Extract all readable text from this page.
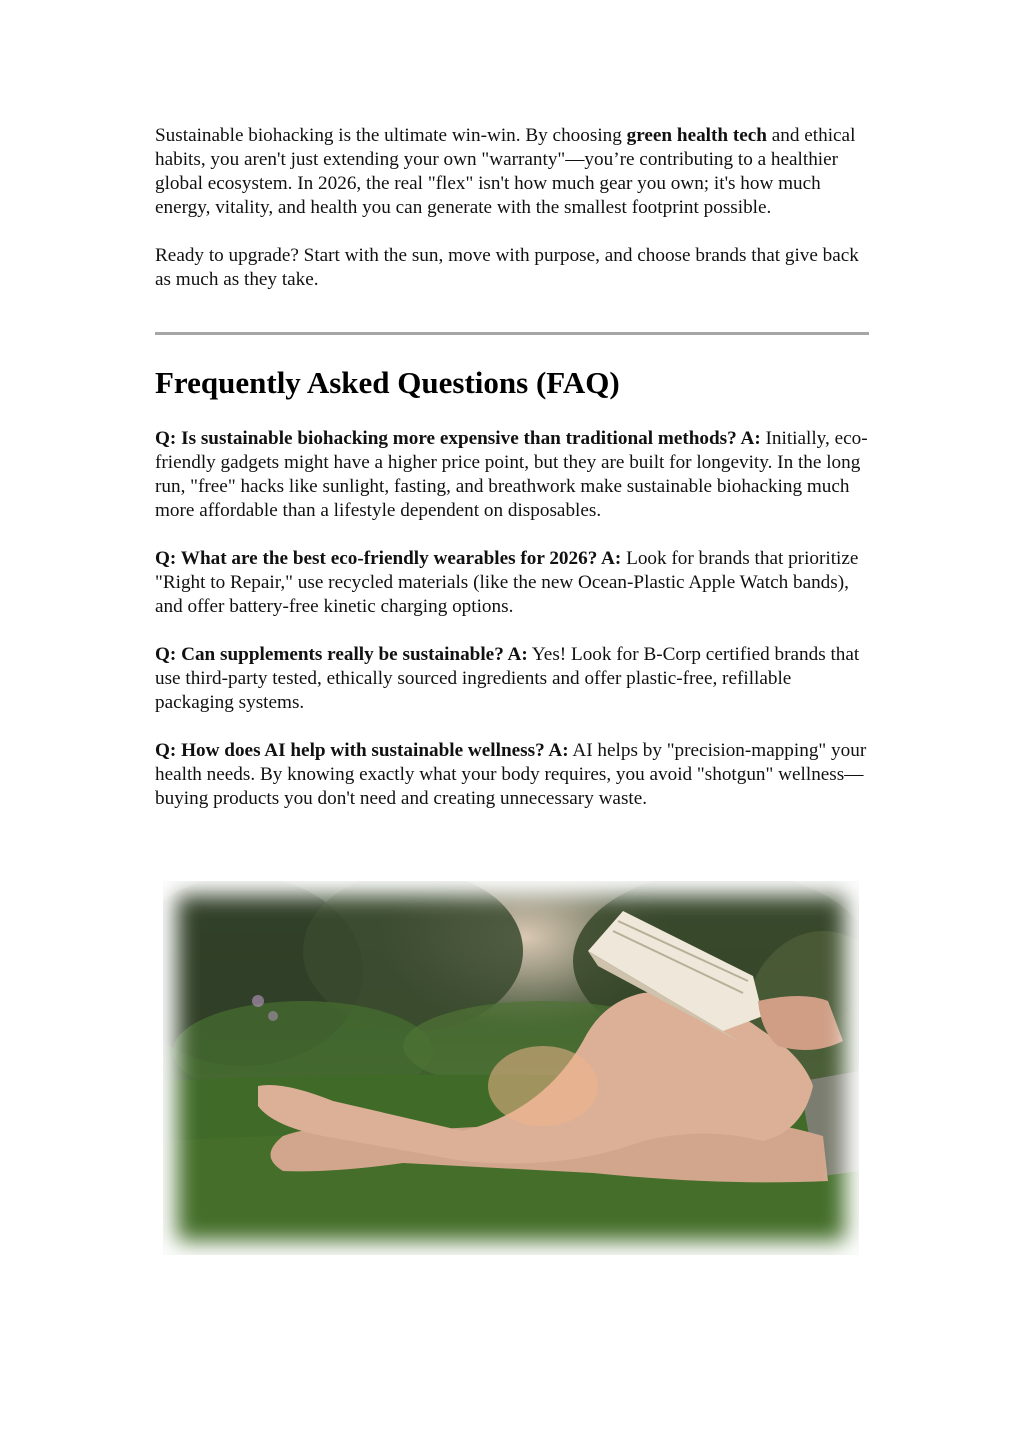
Sustainable biohacking is the ultimate win-win. By choosing green health tech and ethical habits, you aren't just extending your own "warranty"—you’re contributing to a healthier global ecosystem. In 2026, the real "flex" isn't how much gear you own; it's how much energy, vitality, and health you can generate with the smallest footprint possible.

Ready to upgrade? Start with the sun, move with purpose, and choose brands that give back as much as they take.

Frequently Asked Questions (FAQ)

Q: Is sustainable biohacking more expensive than traditional methods? A: Initially, eco-friendly gadgets might have a higher price point, but they are built for longevity. In the long run, "free" hacks like sunlight, fasting, and breathwork make sustainable biohacking much more affordable than a lifestyle dependent on disposables.

Q: What are the best eco-friendly wearables for 2026? A: Look for brands that prioritize "Right to Repair," use recycled materials (like the new Ocean-Plastic Apple Watch bands), and offer battery-free kinetic charging options.

Q: Can supplements really be sustainable? A: Yes! Look for B-Corp certified brands that use third-party tested, ethically sourced ingredients and offer plastic-free, refillable packaging systems.

Q: How does AI help with sustainable wellness? A: AI helps by "precision-mapping" your health needs. By knowing exactly what your body requires, you avoid "shotgun" wellness—buying products you don't need and creating unnecessary waste.
